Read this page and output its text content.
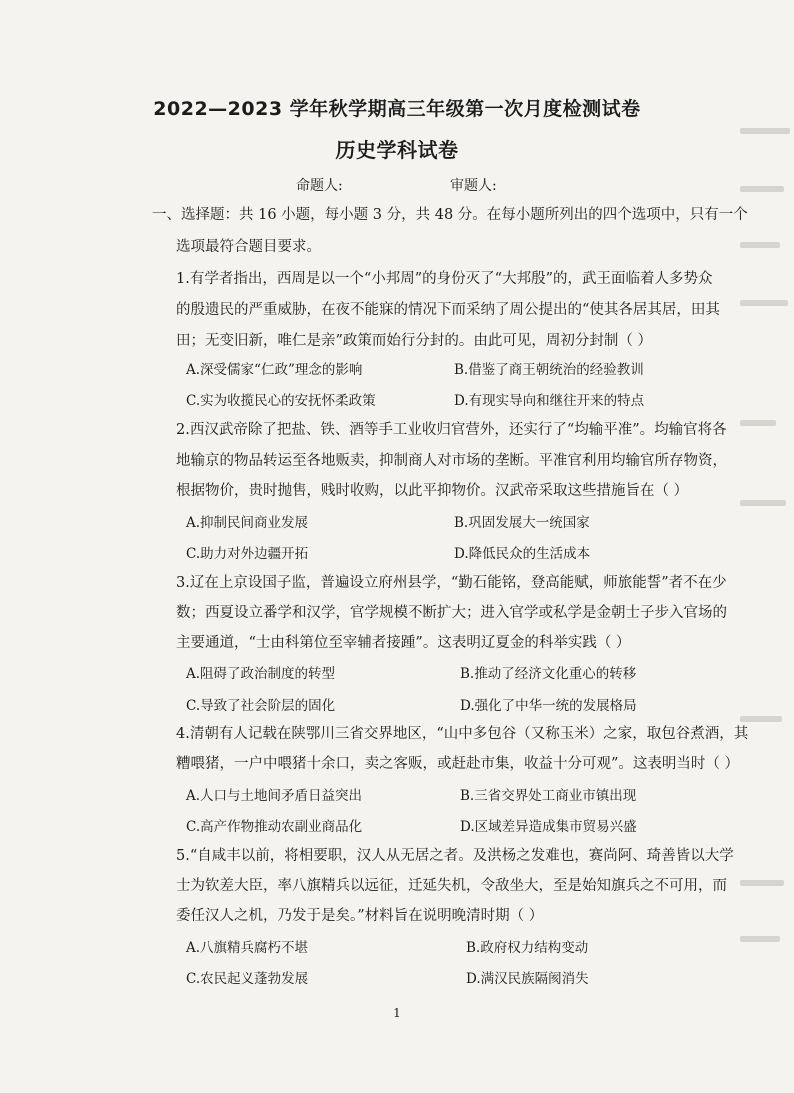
2022—2023 学年秋学期高三年级第一次月度检测试卷
历史学科试卷
命题人:	审题人:
一、选择题：共 16 小题，每小题 3 分，共 48 分。在每小题所列出的四个选项中，只有一个
选项最符合题目要求。
1.有学者指出，西周是以一个“小邦周”的身份灭了“大邦殷”的，武王面临着人多势众
的殷遗民的严重威胁，在夜不能寐的情况下而采纳了周公提出的“使其各居其居，田其
田；无变旧新，唯仁是亲”政策而始行分封的。由此可见，周初分封制（ ）
A.深受儒家“仁政”理念的影响	B.借鉴了商王朝统治的经验教训
C.实为收揽民心的安抚怀柔政策	D.有现实导向和继往开来的特点
2.西汉武帝除了把盐、铁、酒等手工业收归官营外，还实行了“均输平准”。均输官将各
地输京的物品转运至各地贩卖，抑制商人对市场的垄断。平准官利用均输官所存物资，
根据物价，贵时抛售，贱时收购，以此平抑物价。汉武帝采取这些措施旨在（ ）
A.抑制民间商业发展	B.巩固发展大一统国家
C.助力对外边疆开拓	D.降低民众的生活成本
3.辽在上京设国子监，普遍设立府州县学，“勤石能铭，登高能赋，师旅能誓”者不在少
数；西夏设立番学和汉学，官学规模不断扩大；进入官学或私学是金朝士子步入官场的
主要通道，“士由科第位至宰辅者接踵”。这表明辽夏金的科举实践（ ）
A.阻碍了政治制度的转型	B.推动了经济文化重心的转移
C.导致了社会阶层的固化	D.强化了中华一统的发展格局
4.清朝有人记载在陕鄂川三省交界地区，“山中多包谷（又称玉米）之家，取包谷煮酒，其
糟喂猪，一户中喂猪十余口，卖之客贩，或赶赴市集，收益十分可观”。这表明当时（ ）
A.人口与土地间矛盾日益突出	B.三省交界处工商业市镇出现
C.高产作物推动农副业商品化	D.区域差异造成集市贸易兴盛
5.“自咸丰以前，将相要职，汉人从无居之者。及洪杨之发难也，赛尚阿、琦善皆以大学
士为钦差大臣，率八旗精兵以远征，迁延失机，令敌坐大，至是始知旗兵之不可用，而
委任汉人之机，乃发于是矣。”材料旨在说明晚清时期（ ）
A.八旗精兵腐朽不堪	B.政府权力结构变动
C.农民起义蓬勃发展	D.满汉民族隔阂消失
1
